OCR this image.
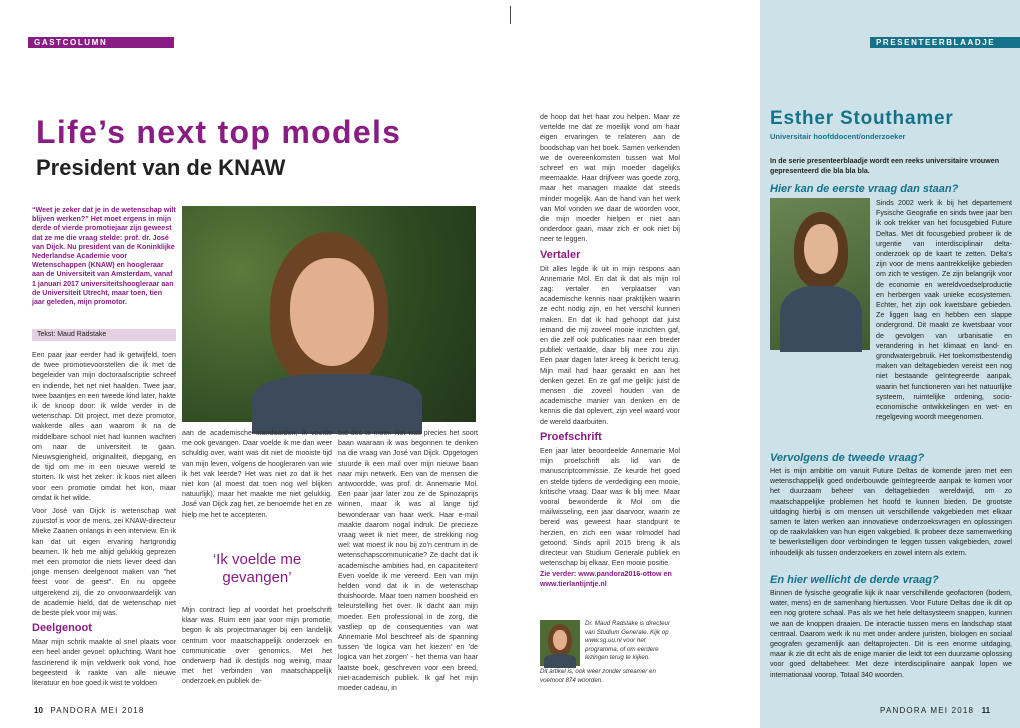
GASTCOLUMN
Life’s next top models
President van de KNAW

“Weet je zeker dat je in de wetenschap wilt blijven werken?” Het moet ergens in mijn derde of vierde promotiejaar zijn geweest dat ze me die vraag stelde: prof. dr. José van Dijck. Nu president van de Koninklijke Nederlandse Academie voor Wetenschappen (KNAW) en hoogleraar aan de Universiteit van Amsterdam, vanaf 1 januari 2017 universiteitshoogleraar aan de Universiteit Utrecht, maar toen, tien jaar geleden, mijn promotor.

Tekst: Maud Radstake

Een paar jaar eerder had ik getwijfeld, toen de twee promotievoorstellen die ik met de begeleider van mijn doctoraalscriptie schreef en indiende, het net niet haalden. Twee jaar, twee baantjes en een tweede kind later, hakte ik de knoop door: ik wilde verder in de wetenschap. Dit project, met deze promotor, wakkerde alles aan waarom ik na de middelbare school niet had kunnen wachten om naar de universiteit te gaan. Nieuwsgierigheid, originaliteit, diepgang, en de tijd om me in een nieuwe wereld te storten. Ik wist het zeker: ik koos niet alleen voor een promotie omdat het kon, maar omdat ik het wilde.

Voor José van Dijck is wetenschap wat zuurstof is voor de mens, zei KNAW-directeur Mieke Zaanen onlangs in een interview. En ik kan dat uit eigen ervaring hartgrondig beamen. Ik heb me altijd gelukkig geprezen met een promotor die niets liever deed dan jonge mensen deelgenoot maken van "het feest voor de geest". En nu opgeëe uitgerekend zij, die zo onvoorwaardelijk van de academie hield, dat de wetenschap niet de beste plek voor mij was.

Deelgenoot

Maar mijn schrik maakte al snel plaats voor een heel ander gevoel: opluchting. Want hoe fascinerend ik mijn veldwerk ook vond, hoe begeesterd ik raakte van alle nieuwe literatuur en hoe goed ik wist te voldoen

aan de academische standaarden, ik voelde me ook gevangen. Daar voelde ik me dan weer schuldig over, want was dit niet de mooiste tijd van mijn leven, volgens de hoogleraren van wie ik het vak leerde? Het was niet zo dat ik het niet kon (al moest dat toen nog wel blijken natuurlijk), maar het maakte me niet gelukkig. José van Dijck zag het, ze benoemde het en ze hielp me het te accepteren.

‘Ik voelde me gevangen’

Mijn contract liep af voordat het proefschrift klaar was. Ruim een jaar voor mijn promotie, begon ik als projectmanager bij een landelijk centrum voor maatschappelijk onderzoek en communicatie over genomics. Met het onderwerp had ik destijds nog weinig, maar met het verbinden van maatschappelijk onderzoek en publiek de-

bat des te meer. Het was precies het soort baan waaraan ik was begonnen te denken na die vraag van José van Dijck. Opgetogen stuurde ik een mail over mijn nieuwe baan naar mijn netwerk. Een van de mensen die antwoordde, was prof. dr. Annemarie Mol. Een paar jaar later zou ze de Spinozaprijs winnen, maar ik was al lange tijd bewonderaar van haar werk. Haar e-mail maakte daarom nogal indruk. De precieze vraag weet ik niet meer, de strekking nog wel: wat moest ik nou bij zo'n centrum in de wetenschapscommunicatie? Ze dacht dat ik academische ambities had, en capaciteiten! Even voelde ik me vereerd. Een van mijn helden vond dat ik in de wetenschap thuishoorde. Maar toen namen boosheid en teleurstelling het over. Ik dacht aan mijn moeder. Een professional in de zorg, die vastliep op de consequenties van wat Annemarie Mol beschreef als de spanning tussen 'de logica van het kiezen' en 'de logica van het zorgen' - het thema van haar laatste boek, geschreven voor een breed, niet-academisch publiek. Ik gaf het mijn moeder cadeau, in

10 PANDORA MEI 2018

de hoop dat het haar zou helpen. Maar ze vertelde me dat ze moeilijk vond om haar eigen ervaringen te relateren aan de boodschap van het boek. Samen verkenden we de overeenkomsten tussen wat Mol schreef en wat mijn moeder dagelijks meemaakte. Haar drijfveer was goede zorg, maar het managen maakte dat steeds minder mogelijk. Aan de hand van het werk van Mol vonden we daar de woorden voor, die mijn moeder hielpen er niet aan onderdoor gaan, maar zich er ook niet bij neer te leggen.

Vertaler

Dit alles legde ik uit in mijn respons aan Annemarie Mol. En dat ik dat als mijn rol zag: vertaler en verplaatser van academische kennis naar praktijken waarin ze echt nodig zijn, en het verschil kunnen maken. En dat ik had gehoopt dat juist iemand die mij zoveel mooie inzichten gaf, en die zelf ook publicaties naar een breder publiek vertaalde, daar blij mee zou zijn. Een paar dagen later kreeg ik bericht terug. Mijn mail had haar geraakt en aan het denken gezet. En ze gaf me gelijk: juist de mensen die zoveel houden van de academische manier van denken en de kennis die dat oplevert, zijn veel waard voor de wereld daarbuiten.

Proefschrift

Een jaar later beoordeelde Annemarie Mol mijn proefschrift als lid van de manuscriptcommissie. Ze keurde het goed en stelde tijdens de verdediging een mooie, kritische vraag. Daar was ik blij mee. Maar vooral bewonderde ik Mol om die mailwisseling, een jaar daarvoor, waarin ze bereid was geweest haar standpunt te herzien, en zich een waar rolmodel had getoond. Sinds april 2015 breng ik als directeur van Studium Generale publiek en wetenschap bij elkaar. Een mooie positie.

Zie verder: www.pandora2016-ottow en www.tierlantijntje.nl
Dr. Maud Radstake is directeur van Studium Generale. Kijk op www.sg.uu.nl voor het programma, of om eerdere lezingen terug te kijken.
Dit artikel is, ook weer zonder streamer en voetnoot 874 woorden.
PRESENTEERBLAADJE
Esther Stouthamer
Universitair hoofddocent/onderzoeker
In de serie presenteerblaadje wordt een reeks universitaire vrouwen gepresenteerd die bla bla bla.
Hier kan de eerste vraag dan staan?

Sinds 2002 werk ik bij het departement Fysische Geografie en sinds twee jaar ben ik ook trekker van het focusgebied Future Deltas. Met dit focusgebied probeer ik de urgentie van interdisciplinair delta-onderzoek op de kaart te zetten. Delta's zijn voor de mens aantrekkelijke gebieden om zich te vestigen. Ze zijn belangrijk voor de economie en wereldvoedselproductie en herbergen vaak unieke ecosystemen. Echter, het zijn ook kwetsbare gebieden. Ze liggen laag en hebben een slappe ondergrond. Dit maakt ze kwetsbaar voor de gevolgen van urbanisatie en verandering in het klimaat en land- en grondwatergebruik. Het toekomstbestendig maken van deltagebieden vereist een nog niet bestaande geïntegreerde aanpak, waarin het functioneren van het natuurlijke systeem, ruimtelijke ordening, socio-economische ontwikkelingen en wet- en regelgeving woordt meegenomen.

Vervolgens de tweede vraag?

Het is mijn ambitie om vanuit Future Deltas de komende jaren met een wetenschappelijk goed onderbouwde geïntegreerde aanpak te komen voor het duurzaam beheer van deltagebieden wereldwijd, om zo maatschappelijke problemen het hoofd te kunnen bieden. De grootste uitdaging hierbij is om mensen uit verschillende vakgebieden met elkaar samen te laten werken aan innovatieve onderzoeksvragen en oplossingen op de raakvlakken van hun eigen vakgebied. Ik probeer deze samenwerking te bewerkstelligen door verbindingen te leggen tussen vakgebieden, zowel inhoudelijk als tussen onderzoekers en zowel intern als extern.

En hier wellicht de derde vraag?

Binnen de fysische geografie kijk ik naar verschillende geofactoren (bodem, water, mens) en de samenhang hiertussen. Voor Future Deltas doe ik dit op een nog grotere schaal. Pas als we het hele deltasysteem snappen, kunnen we aan de knoppen draaien. De interactie tussen mens en landschap staat centraal. Daarom werk ik nu met onder andere juristen, biologen en sociaal geografen gezamenlijk aan deltaprojecten. Dit is een enorme uitdaging, maar ik zie dit echt als de enige manier die leidt tot een duurzame oplossing voor goed deltabeheer. Met deze interdisciplinaire aanpak lopen we internationaal voorop. Totaal 340 woorden.

PANDORA MEI 2018 11
